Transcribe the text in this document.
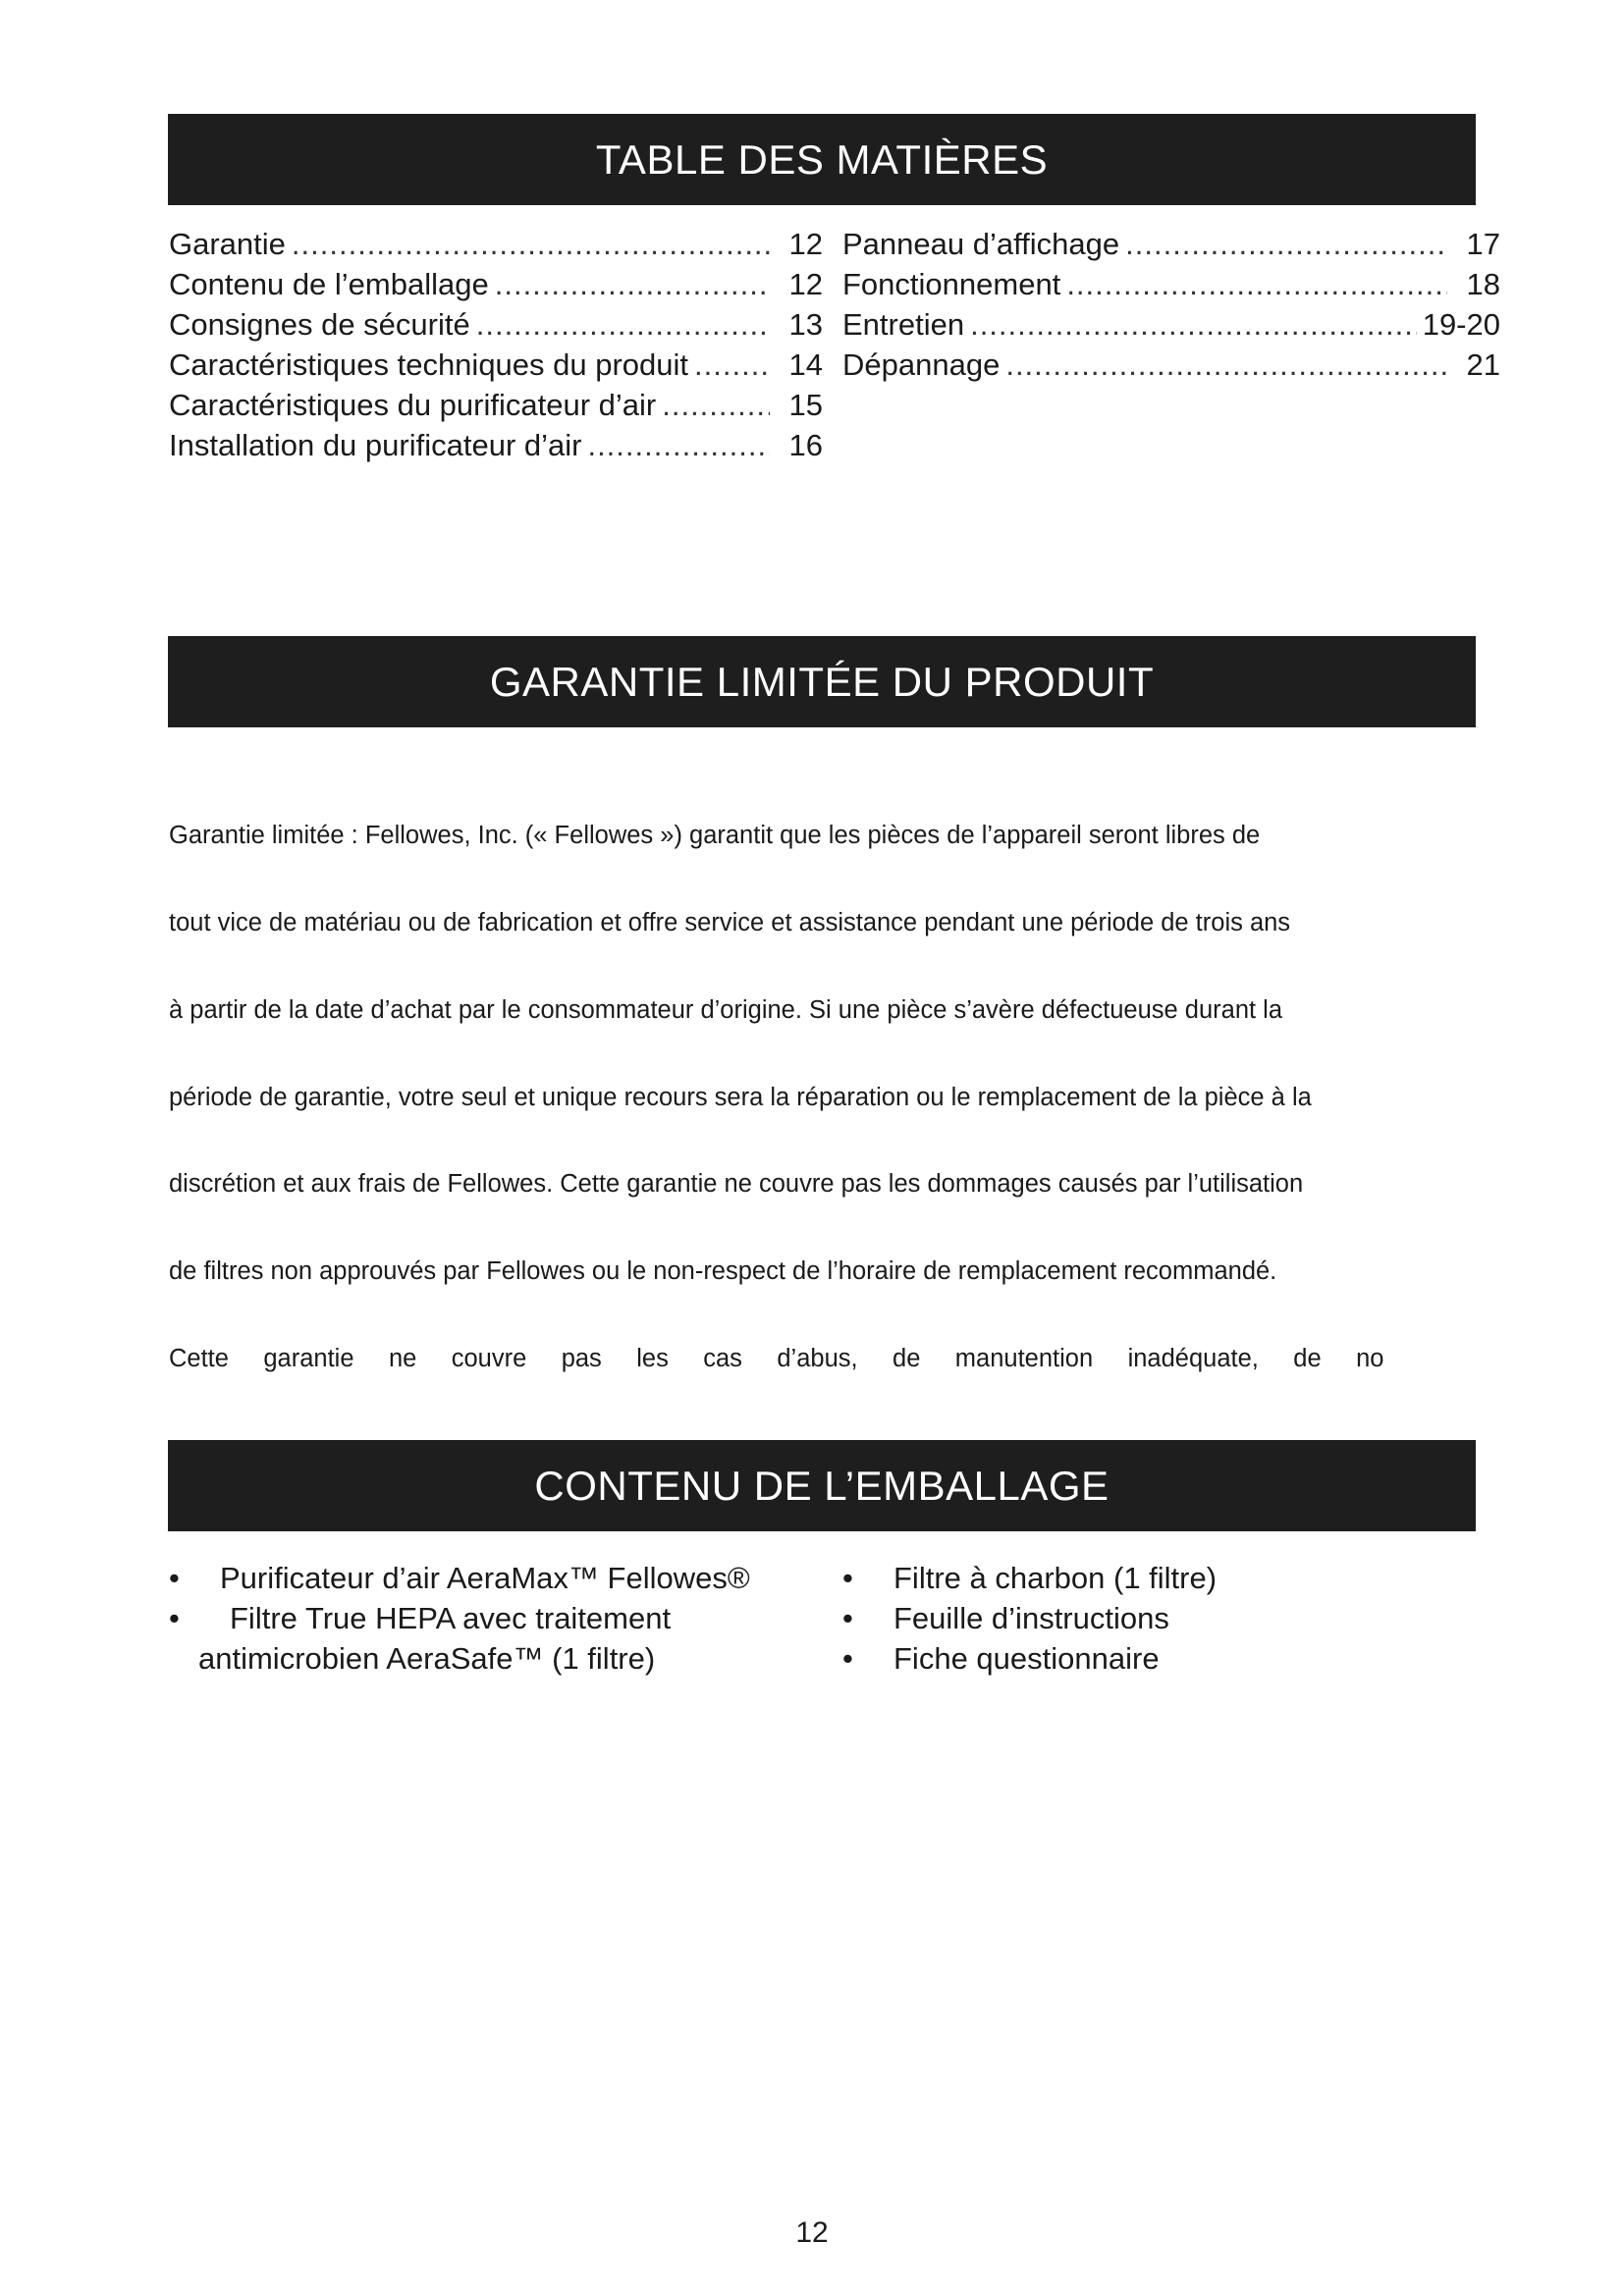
TABLE DES MATIÈRES
Garantie .....	12
Contenu de l’emballage .....	12
Consignes de sécurité .....	13
Caractéristiques techniques du produit .....	14
Caractéristiques du purificateur d’air .....	15
Installation du purificateur d’air .....	16
Panneau d’affichage .....	17
Fonctionnement .....	18
Entretien .....	19-20
Dépannage .....	21
GARANTIE LIMITÉE DU PRODUIT

Garantie limitée : Fellowes, Inc. (« Fellowes ») garantit que les pièces de l’appareil seront libres de

tout vice de matériau ou de fabrication et offre service et assistance pendant une période de trois ans

à partir de la date d’achat par le consommateur d’origine. Si une pièce s’avère défectueuse durant la

période de garantie, votre seul et unique recours sera la réparation ou le remplacement de la pièce à la

discrétion et aux frais de Fellowes. Cette garantie ne couvre pas les dommages causés par l’utilisation

de filtres non approuvés par Fellowes ou le non-respect de l’horaire de remplacement recommandé.

Cette     garantie     ne     couvre     pas     les     cas     d’abus,     de     manutention     inadéquate,     de     no

CONTENU DE L’EMBALLAGE
• Purificateur d’air AeraMax™ Fellowes®
• Filtre True HEPA avec traitement
antimicrobien AeraSafe™ (1 filtre)
• Filtre à charbon (1 filtre)
• Feuille d’instructions
• Fiche questionnaire
12
